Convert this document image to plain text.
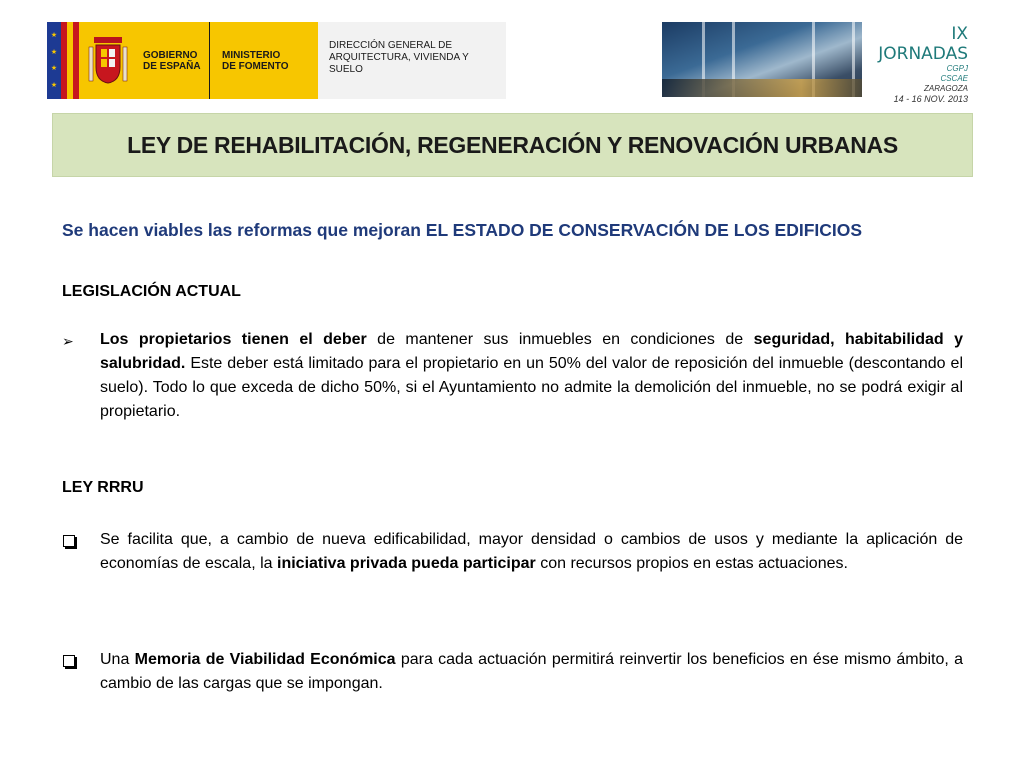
★
★
★
★
GOBIERNO
DE ESPAÑA
MINISTERIO
DE FOMENTO
DIRECCIÓN GENERAL DE ARQUITECTURA, VIVIENDA Y SUELO
IX JORNADAS
CGPJ
CSCAE
ZARAGOZA
14 - 16 NOV. 2013
LEY DE REHABILITACIÓN, REGENERACIÓN Y RENOVACIÓN URBANAS

Se hacen viables las reformas que mejoran EL ESTADO DE CONSERVACIÓN DE LOS EDIFICIOS

LEGISLACIÓN ACTUAL

➢	Los propietarios tienen el deber de mantener sus inmuebles en condiciones de seguridad, habitabilidad y salubridad. Este deber está limitado para el propietario en un 50% del valor de reposición del inmueble (descontando el suelo). Todo lo que exceda de dicho 50%, si el Ayuntamiento no admite la demolición del inmueble, no se podrá exigir al propietario.

LEY RRRU

Se facilita que, a cambio de nueva edificabilidad, mayor densidad o cambios de usos y mediante la aplicación de economías de escala, la iniciativa privada pueda participar con recursos propios en estas actuaciones.
Una Memoria de Viabilidad Económica para cada actuación permitirá reinvertir los beneficios en ése mismo ámbito, a cambio de las cargas que se impongan.
